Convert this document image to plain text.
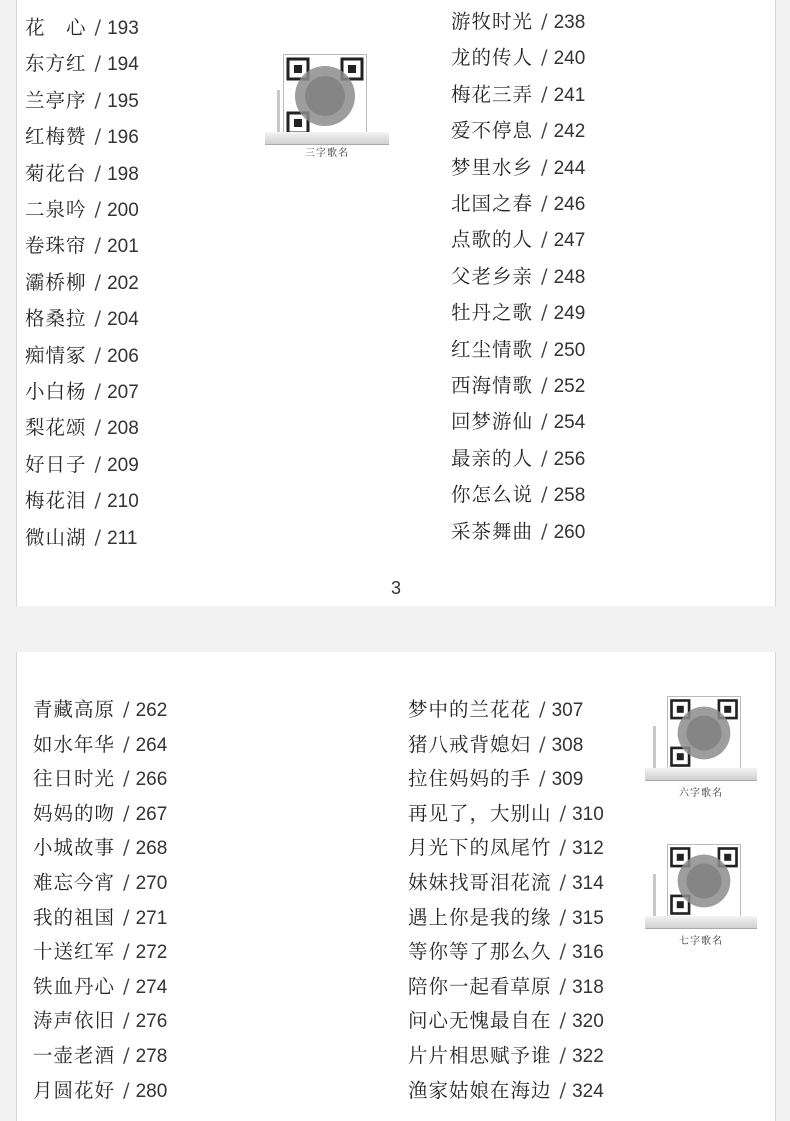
花　心 / 193
东方红 / 194
兰亭序 / 195
红梅赞 / 196
菊花台 / 198
二泉吟 / 200
卷珠帘 / 201
灞桥柳 / 202
格桑拉 / 204
痴情冢 / 206
小白杨 / 207
梨花颂 / 208
好日子 / 209
梅花泪 / 210
微山湖 / 211
游牧时光 / 238
龙的传人 / 240
梅花三弄 / 241
爱不停息 / 242
梦里水乡 / 244
北国之春 / 246
点歌的人 / 247
父老乡亲 / 248
牡丹之歌 / 249
红尘情歌 / 250
西海情歌 / 252
回梦游仙 / 254
最亲的人 / 256
你怎么说 / 258
采茶舞曲 / 260
三字歌名
3
青藏高原 / 262
如水年华 / 264
往日时光 / 266
妈妈的吻 / 267
小城故事 / 268
难忘今宵 / 270
我的祖国 / 271
十送红军 / 272
铁血丹心 / 274
涛声依旧 / 276
一壶老酒 / 278
月圆花好 / 280
梦中的兰花花 / 307
猪八戒背媳妇 / 308
拉住妈妈的手 / 309
再见了，大别山 / 310
月光下的凤尾竹 / 312
妹妹找哥泪花流 / 314
遇上你是我的缘 / 315
等你等了那么久 / 316
陪你一起看草原 / 318
问心无愧最自在 / 320
片片相思赋予谁 / 322
渔家姑娘在海边 / 324
六字歌名
七字歌名
